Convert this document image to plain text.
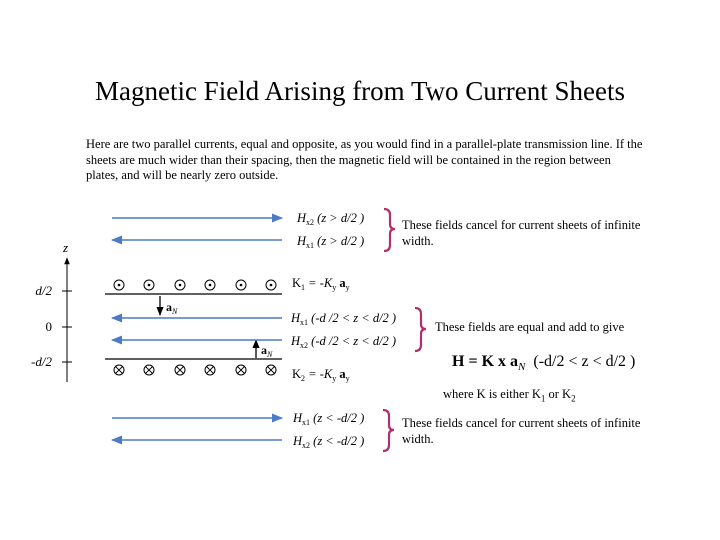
Magnetic Field Arising from Two Current Sheets
Here are two parallel currents, equal and opposite, as you would find in a parallel-plate transmission line. If the sheets are much wider than their spacing, then the magnetic field will be contained in the region between plates, and will be nearly zero outside.
z
d/2
0
-d/2
$a_N$
$a_N$
$H_{x2}$ (z > d/2 )
$H_{x1}$ (z > d/2 )
$K_1 = -K_y$ $a_y$
$H_{x1}$ (-d /2 < z < d/2 )
$H_{x2}$ (-d /2 < z < d/2 )
$K_2 = -K_y$ $a_y$
$H_{x1}$ (z < -d/2 )
$H_{x2}$ (z < -d/2 )
These fields cancel for current sheets of infinite width.
These fields are equal and add to give
These fields cancel for current sheets of infinite width.
H = K x $a_N$  (-d/2 < z < d/2 )
where K is either $K_1$ or $K_2$
